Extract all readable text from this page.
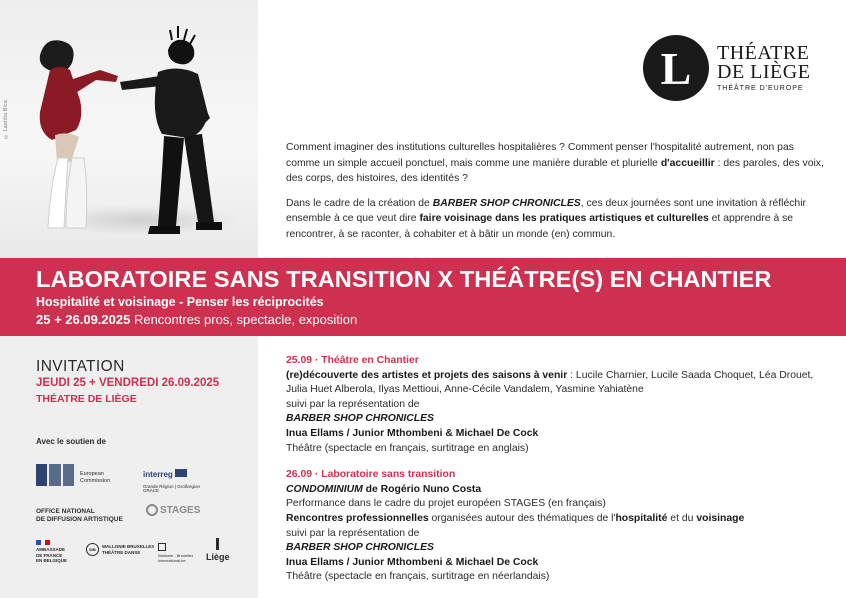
© Laetitia Bica
L	THÉATRE
DE LIÈGE
THÉÂTRE D'EUROPE

Comment imaginer des institutions culturelles hospitalières ? Comment penser l'hospitalité autrement, non pas comme un simple accueil ponctuel, mais comme une manière durable et plurielle d'accueillir : des paroles, des voix, des corps, des histoires, des identités ?

Dans le cadre de la création de BARBER SHOP CHRONICLES, ces deux journées sont une invitation à réfléchir ensemble à ce que veut dire faire voisinage dans les pratiques artistiques et culturelles et apprendre à se rencontrer, à se raconter, à cohabiter et à bâtir un monde (en) commun.

LABORATOIRE SANS TRANSITION X THÉÂTRE(S) EN CHANTIER
Hospitalité et voisinage - Penser les réciprocités
25 + 26.09.2025 Rencontres pros, spectacle, exposition
INVITATION
JEUDI 25 + VENDREDI 26.09.2025
THÉATRE DE LIÈGE
Avec le soutien de
European
Commission
interreg
Grande Région | Großregion
GRACE
OFFICE NATIONAL
DE DIFFUSION ARTISTIQUE
STAGES
AMBASSADE
DE FRANCE
EN BELGIQUE
WB
WALLONIE BRUXELLES
THÉÂTRE DANSE
Wallonie - Bruxelles
International.be	Liège
25.09 · Théâtre en Chantier
(re)découverte des artistes et projets des saisons à venir : Lucile Charnier, Lucile Saada Choquet, Léa Drouet, Julia Huet Alberola, Ilyas Mettioui, Anne-Cécile Vandalem, Yasmine Yahiatène
suivi par la représentation de
BARBER SHOP CHRONICLES
Inua Ellams / Junior Mthombeni & Michael De Cock
Théâtre (spectacle en français, surtitrage en anglais)
26.09 · Laboratoire sans transition
CONDOMINIUM de Rogério Nuno Costa
Performance dans le cadre du projet européen STAGES (en français)
Rencontres professionnelles organisées autour des thématiques de l'hospitalité et du voisinage
suivi par la représentation de
BARBER SHOP CHRONICLES
Inua Ellams / Junior Mthombeni & Michael De Cock
Théâtre (spectacle en français, surtitrage en néerlandais)
